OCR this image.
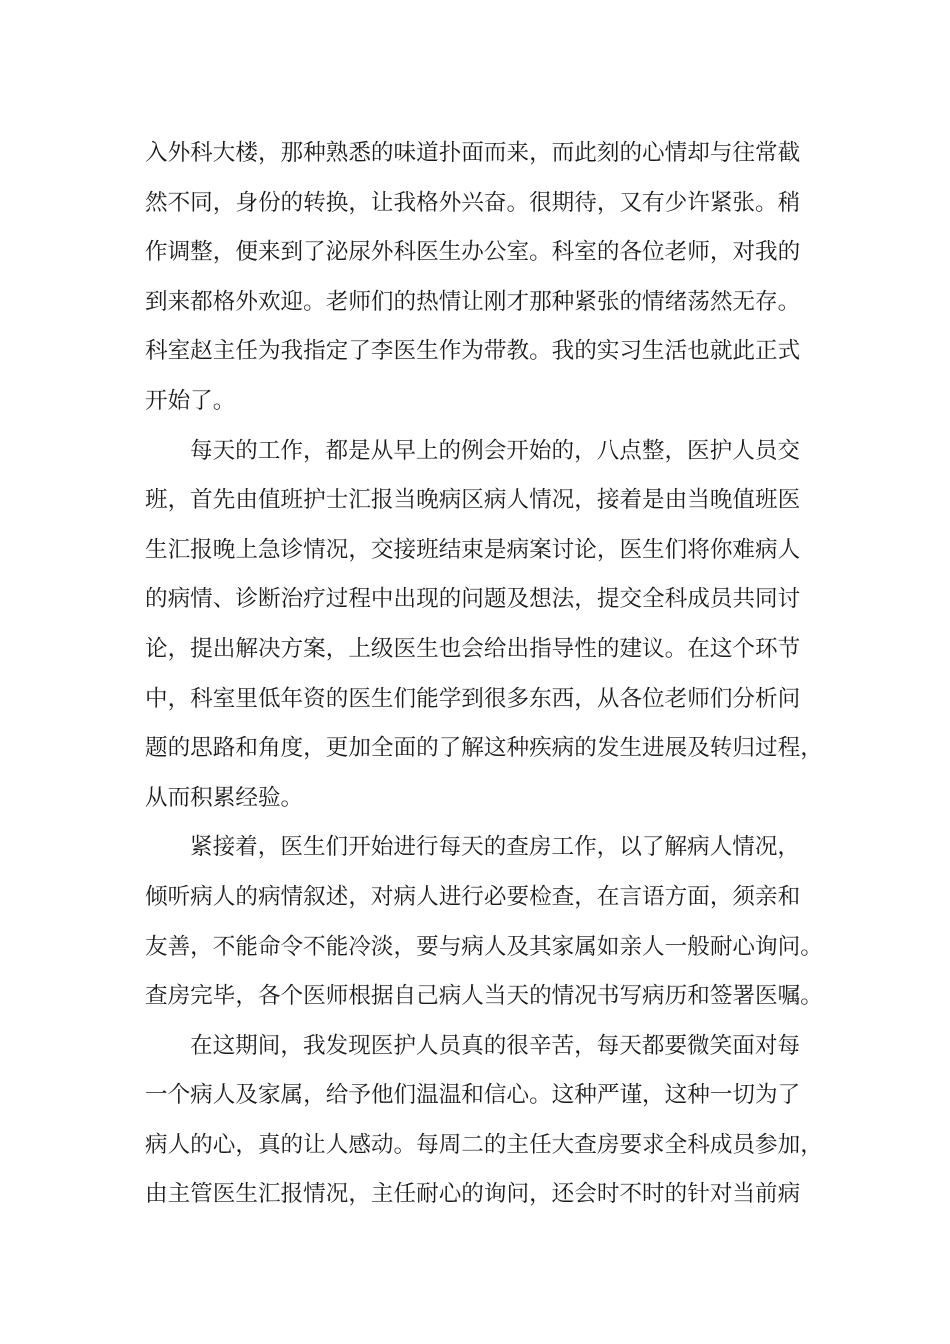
入外科大楼，那种熟悉的味道扑面而来，而此刻的心情却与往常截
然不同，身份的转换，让我格外兴奋。很期待，又有少许紧张。稍
作调整，便来到了泌尿外科医生办公室。科室的各位老师，对我的
到来都格外欢迎。老师们的热情让刚才那种紧张的情绪荡然无存。
科室赵主任为我指定了李医生作为带教。我的实习生活也就此正式
开始了。
每天的工作，都是从早上的例会开始的，八点整，医护人员交
班，首先由值班护士汇报当晚病区病人情况，接着是由当晚值班医
生汇报晚上急诊情况，交接班结束是病案讨论，医生们将你难病人
的病情、诊断治疗过程中出现的问题及想法，提交全科成员共同讨
论，提出解决方案，上级医生也会给出指导性的建议。在这个环节
中，科室里低年资的医生们能学到很多东西，从各位老师们分析问
题的思路和角度，更加全面的了解这种疾病的发生进展及转归过程，
从而积累经验。
紧接着，医生们开始进行每天的查房工作，以了解病人情况，
倾听病人的病情叙述，对病人进行必要检查，在言语方面，须亲和
友善，不能命令不能冷淡，要与病人及其家属如亲人一般耐心询问。
查房完毕，各个医师根据自己病人当天的情况书写病历和签署医嘱。
在这期间，我发现医护人员真的很辛苦，每天都要微笑面对每
一个病人及家属，给予他们温温和信心。这种严谨，这种一切为了
病人的心，真的让人感动。每周二的主任大查房要求全科成员参加，
由主管医生汇报情况，主任耐心的询问，还会时不时的针对当前病
